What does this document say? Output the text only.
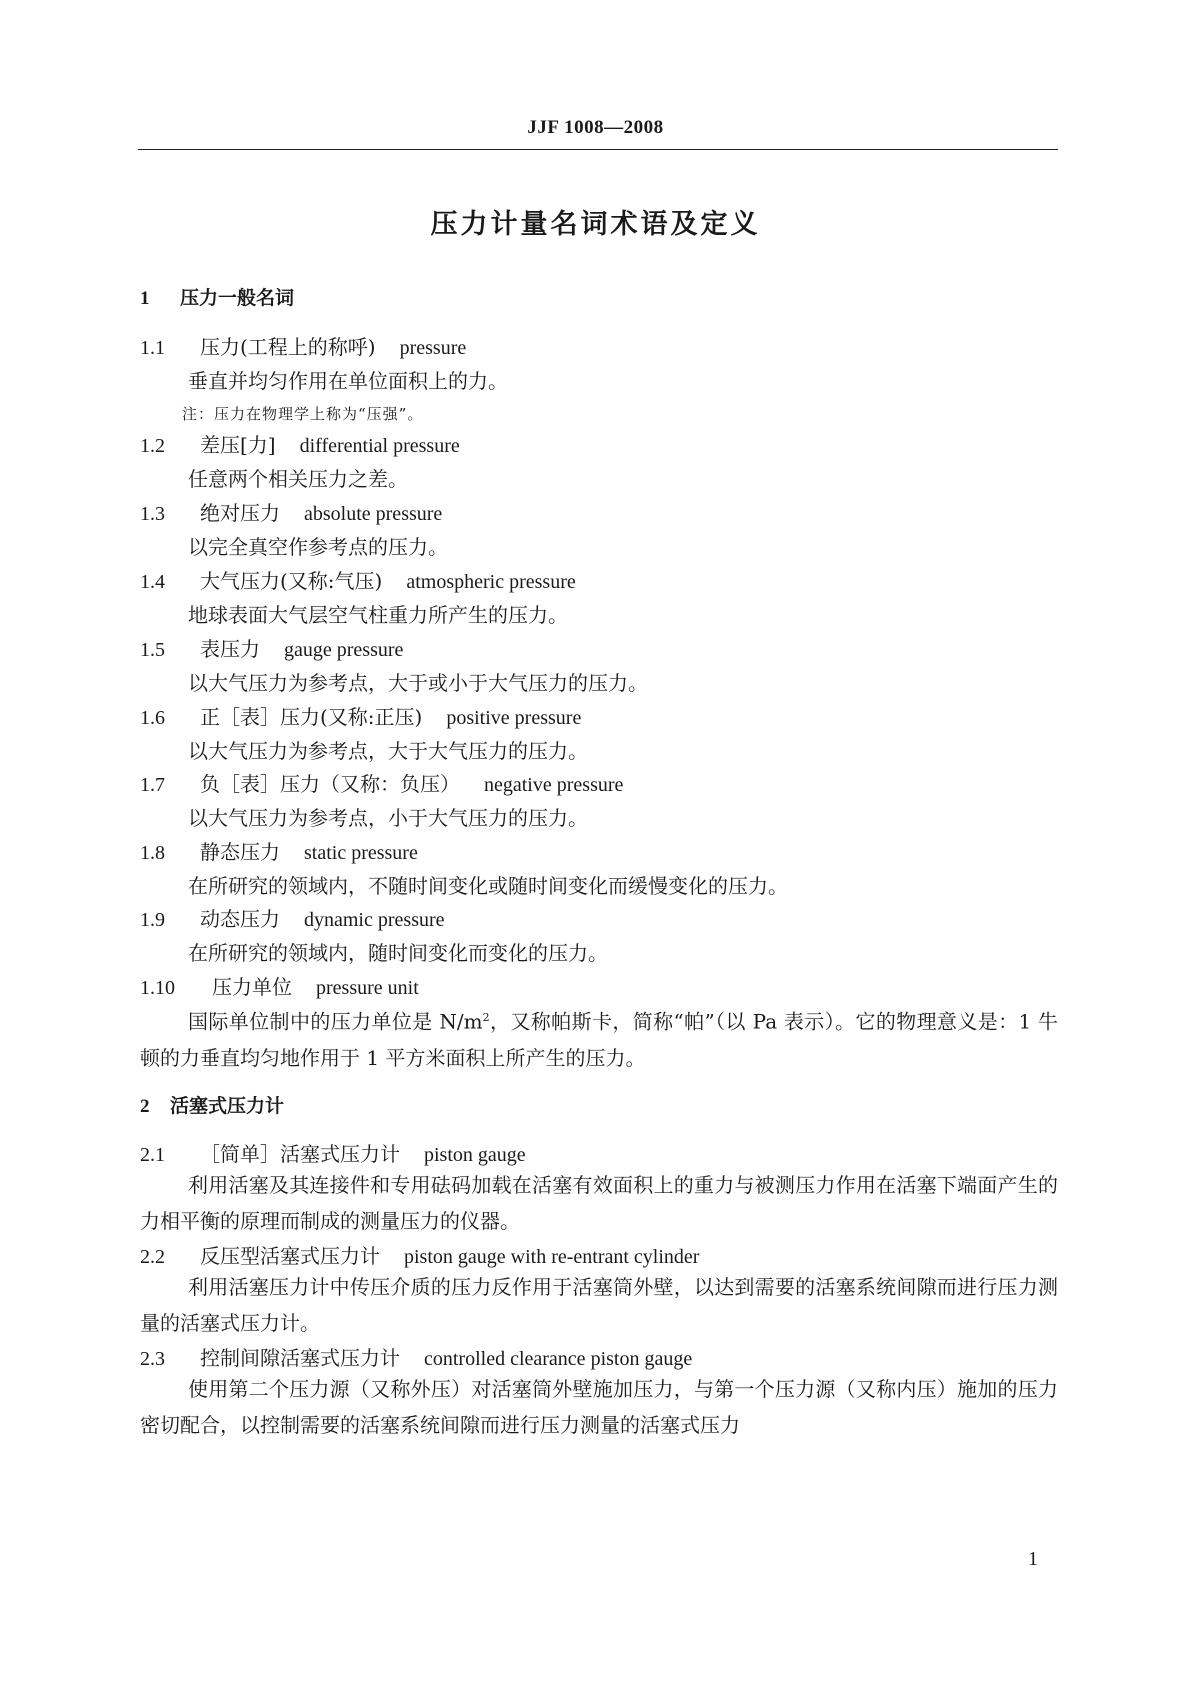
JJF 1008—2008
压力计量名词术语及定义
1 压力一般名词
1.1 压力(工程上的称呼) pressure
垂直并均匀作用在单位面积上的力。
注：压力在物理学上称为“压强”。
1.2 差压[力] differential pressure
任意两个相关压力之差。
1.3 绝对压力 absolute pressure
以完全真空作参考点的压力。
1.4 大气压力(又称:气压) atmospheric pressure
地球表面大气层空气柱重力所产生的压力。
1.5 表压力 gauge pressure
以大气压力为参考点，大于或小于大气压力的压力。
1.6 正［表］压力(又称:正压) positive pressure
以大气压力为参考点，大于大气压力的压力。
1.7 负［表］压力（又称：负压） negative pressure
以大气压力为参考点，小于大气压力的压力。
1.8 静态压力 static pressure
在所研究的领域内，不随时间变化或随时间变化而缓慢变化的压力。
1.9 动态压力 dynamic pressure
在所研究的领域内，随时间变化而变化的压力。
1.10 压力单位 pressure unit
国际单位制中的压力单位是 $N/m^2$，又称帕斯卡，简称“帕”（以 Pa 表示）。它的物理意义是：1 牛顿的力垂直均匀地作用于 1 平方米面积上所产生的压力。
2 活塞式压力计
2.1 ［简单］活塞式压力计 piston gauge
利用活塞及其连接件和专用砝码加载在活塞有效面积上的重力与被测压力作用在活塞下端面产生的力相平衡的原理而制成的测量压力的仪器。
2.2 反压型活塞式压力计 piston gauge with re-entrant cylinder
利用活塞压力计中传压介质的压力反作用于活塞筒外壁，以达到需要的活塞系统间隙而进行压力测量的活塞式压力计。
2.3 控制间隙活塞式压力计 controlled clearance piston gauge
使用第二个压力源（又称外压）对活塞筒外壁施加压力，与第一个压力源（又称内压）施加的压力密切配合，以控制需要的活塞系统间隙而进行压力测量的活塞式压力
1
